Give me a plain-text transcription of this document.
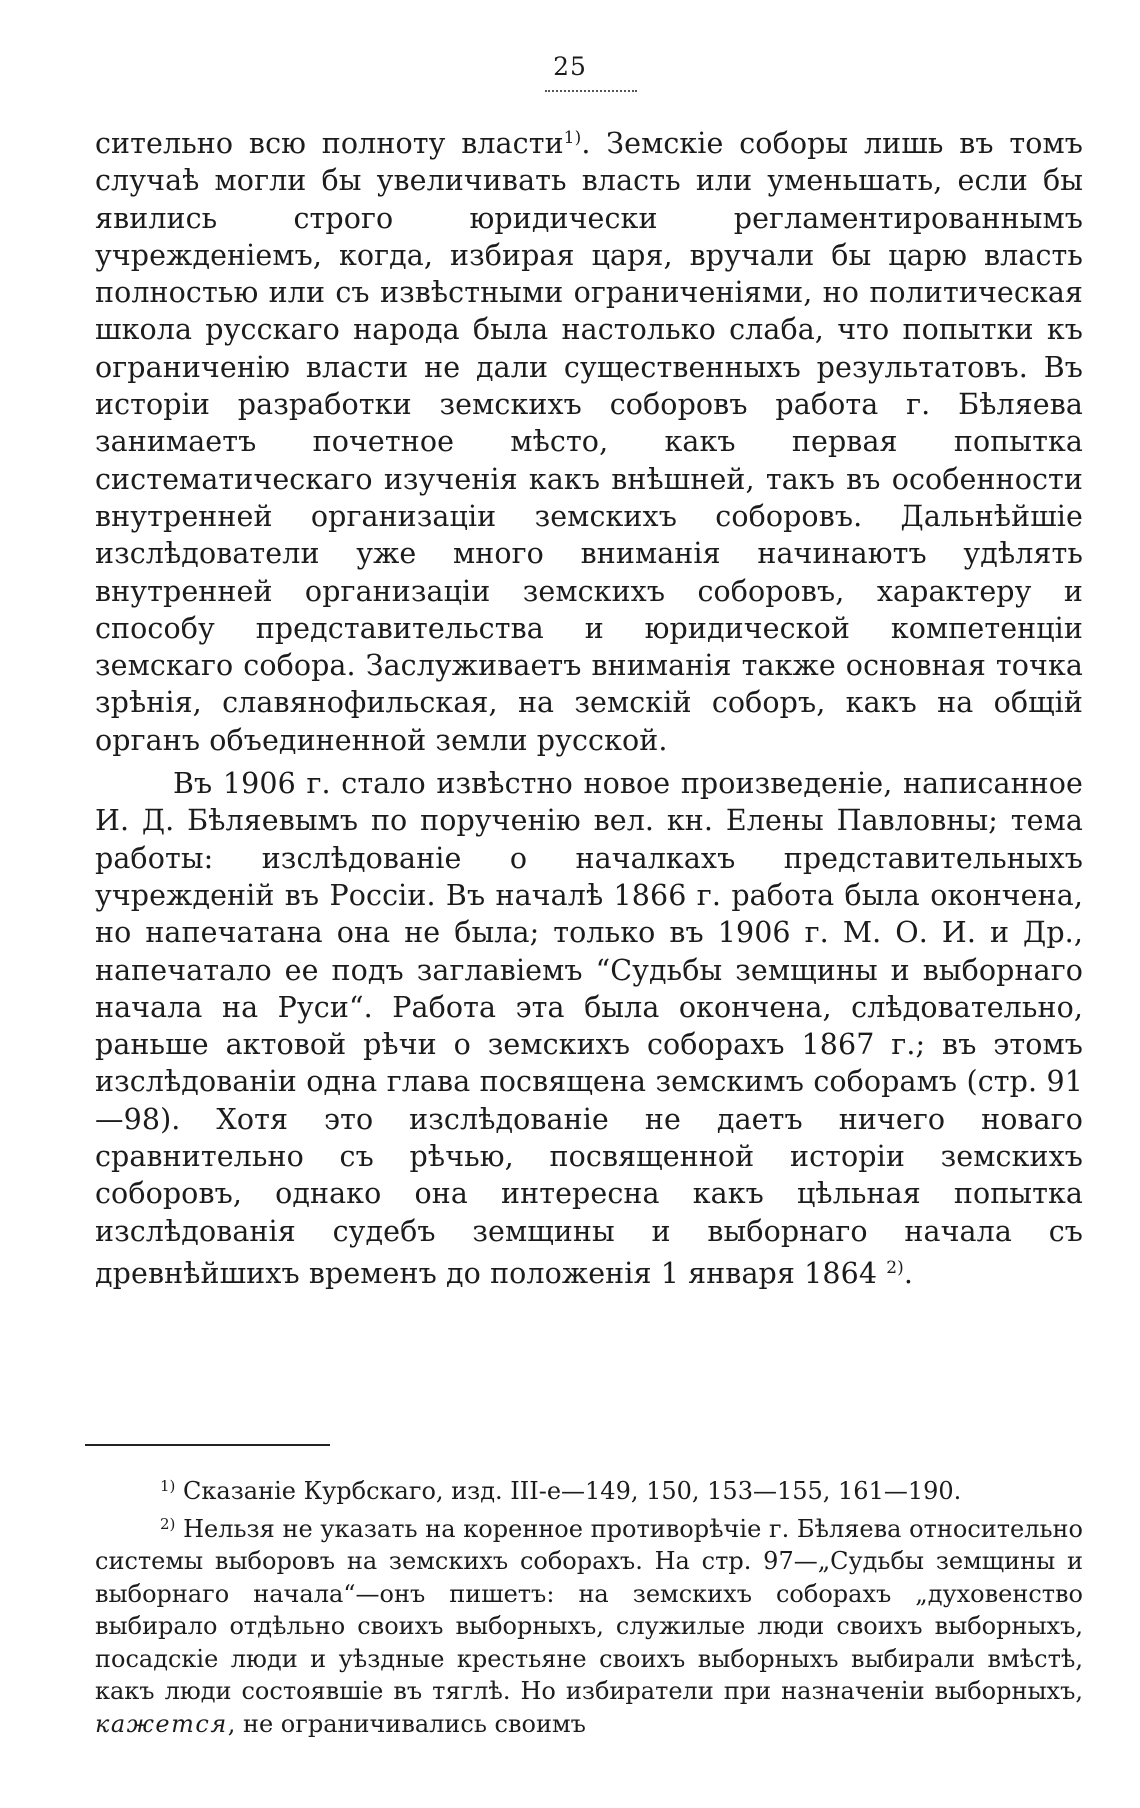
25

сительно всю полноту власти$^{1)}$. Земскіе соборы лишь въ томъ случаѣ могли бы увеличивать власть или уменьшать, если бы явились строго юридически регламентированнымъ учрежденіемъ, когда, избирая царя, вручали бы царю власть полностью или съ извѣстными ограниченіями, но политическая школа русскаго народа была настолько слаба, что попытки къ ограниченію власти не дали существенныхъ результатовъ. Въ исторіи разработки земскихъ соборовъ работа г. Бѣляева занимаетъ почетное мѣсто, какъ первая попытка систематическаго изученія какъ внѣшней, такъ въ особенности внутренней организаціи земскихъ соборовъ. Дальнѣйшіе изслѣдователи уже много вниманія начинаютъ удѣлять внутренней организаціи земскихъ соборовъ, характеру и способу представительства и юридической компетенціи земскаго собора. Заслуживаетъ вниманія также основная точка зрѣнія, славянофильская, на земскій соборъ, какъ на общій органъ объединенной земли русской.

Въ 1906 г. стало извѣстно новое произведеніе, написанное И. Д. Бѣляевымъ по порученію вел. кн. Елены Павловны; тема работы: изслѣдованіе о началкахъ представительныхъ учрежденій въ Россіи. Въ началѣ 1866 г. работа была окончена, но напечатана она не была; только въ 1906 г. М. О. И. и Др., напечатало ее подъ заглавіемъ “Судьбы земщины и выборнаго начала на Руси“. Работа эта была окончена, слѣдовательно, раньше актовой рѣчи о земскихъ соборахъ 1867 г.; въ этомъ изслѣдованіи одна глава посвящена земскимъ соборамъ (стр. 91—98). Хотя это изслѣдованіе не даетъ ничего новаго сравнительно съ рѣчью, посвященной исторіи земскихъ соборовъ, однако она интересна какъ цѣльная попытка изслѣдованія судебъ земщины и выборнаго начала съ древнѣйшихъ временъ до положенія 1 января 1864 $^{2)}$.

$^{1)}$ Сказаніе Курбскаго, изд. III-е—149, 150, 153—155, 161—190.

$^{2)}$ Нельзя не указать на коренное противорѣчіе г. Бѣляева относительно системы выборовъ на земскихъ соборахъ. На стр. 97—„Судьбы земщины и выборнаго начала“—онъ пишетъ: на земскихъ соборахъ „духовенство выбирало отдѣльно своихъ выборныхъ, служилые люди своихъ выборныхъ, посадскіе люди и уѣздные крестьяне своихъ выборныхъ выбирали вмѣстѣ, какъ люди состоявшіе въ тяглѣ. Но избиратели при назначеніи выборныхъ, кажется, не ограничивались своимъ
